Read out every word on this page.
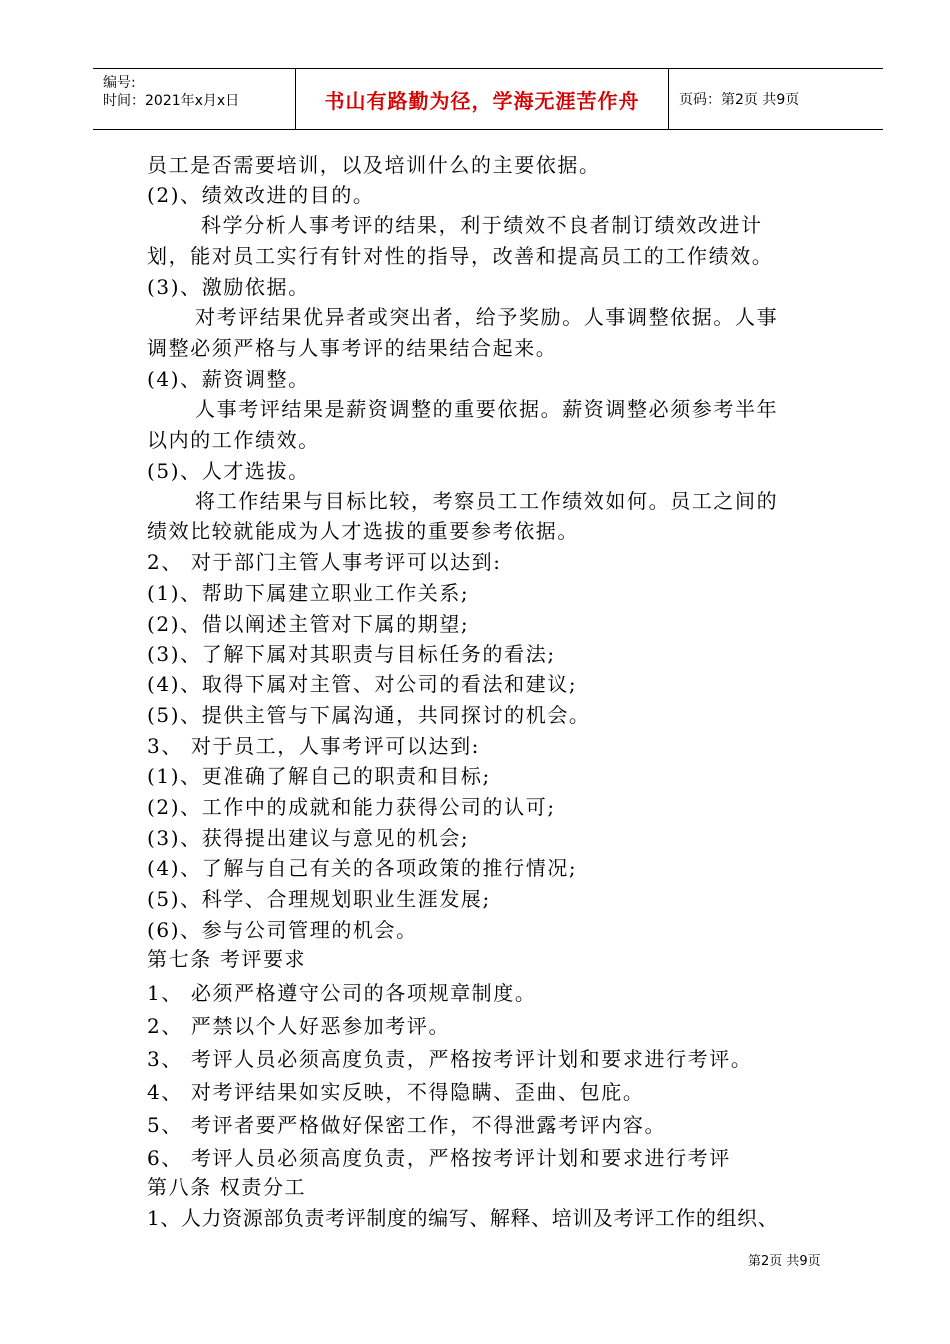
编号:
时间：2021年x月x日	书山有路勤为径，学海无涯苦作舟	页码：第2页 共9页
员工是否需要培训，以及培训什么的主要依据。
(2)、绩效改进的目的。
科学分析人事考评的结果，利于绩效不良者制订绩效改进计
划，能对员工实行有针对性的指导，改善和提高员工的工作绩效。
(3)、激励依据。
对考评结果优异者或突出者，给予奖励。人事调整依据。人事
调整必须严格与人事考评的结果结合起来。
(4)、薪资调整。
人事考评结果是薪资调整的重要依据。薪资调整必须参考半年
以内的工作绩效。
(5)、人才选拔。
将工作结果与目标比较，考察员工工作绩效如何。员工之间的
绩效比较就能成为人才选拔的重要参考依据。
2、 对于部门主管人事考评可以达到:
(1)、帮助下属建立职业工作关系;
(2)、借以阐述主管对下属的期望;
(3)、了解下属对其职责与目标任务的看法;
(4)、取得下属对主管、对公司的看法和建议;
(5)、提供主管与下属沟通，共同探讨的机会。
3、 对于员工，人事考评可以达到:
(1)、更准确了解自己的职责和目标;
(2)、工作中的成就和能力获得公司的认可;
(3)、获得提出建议与意见的机会;
(4)、了解与自己有关的各项政策的推行情况;
(5)、科学、合理规划职业生涯发展;
(6)、参与公司管理的机会。
第七条 考评要求
1、 必须严格遵守公司的各项规章制度。
2、 严禁以个人好恶参加考评。
3、 考评人员必须高度负责，严格按考评计划和要求进行考评。
4、 对考评结果如实反映，不得隐瞒、歪曲、包庇。
5、 考评者要严格做好保密工作，不得泄露考评内容。
6、 考评人员必须高度负责，严格按考评计划和要求进行考评
第八条 权责分工
1、人力资源部负责考评制度的编写、解释、培训及考评工作的组织、
第2页 共9页
